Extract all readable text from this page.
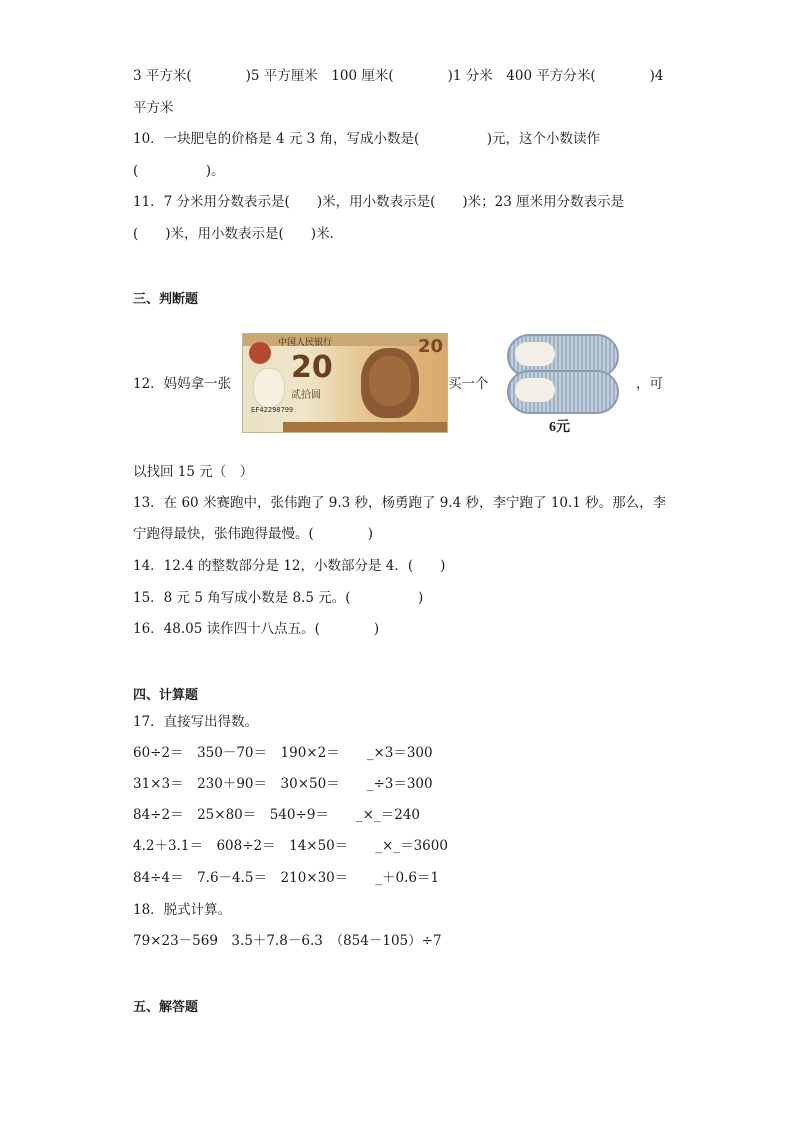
3 平方米(　　　　)5 平方厘米　100 厘米(　　　　)1 分米　400 平方分米(　　　　)4
平方米
10．一块肥皂的价格是 4 元 3 角，写成小数是(　　　　　)元，这个小数读作
(　　　　　)。
11．7 分米用分数表示是(　　)米，用小数表示是(　　)米；23 厘米用分数表示是
(　　)米，用小数表示是(　　)米．
三、判断题
12．妈妈拿一张
中国人民银行
20
20
贰拾圆
EF42298799
买一个
6元
，可
以找回 15 元（　）
13．在 60 米赛跑中，张伟跑了 9.3 秒，杨勇跑了 9.4 秒，李宁跑了 10.1 秒。那么，李
宁跑得最快，张伟跑得最慢。(　　　　)
14．12.4 的整数部分是 12，小数部分是 4．(　　)
15．8 元 5 角写成小数是 8.5 元。(　　　　　)
16．48.05 读作四十八点五。(　　　　)
四、计算题
17．直接写出得数。
60÷2＝　350－70＝　190×2＝　　_×3＝300
31×3＝　230＋90＝　30×50＝　　_÷3＝300
84÷2＝　25×80＝　540÷9＝　　_×_＝240
4.2＋3.1＝　608÷2＝　14×50＝　　_×_＝3600
84÷4＝　7.6－4.5＝　210×30＝　　_＋0.6＝1
18．脱式计算。
79×23－569　3.5＋7.8－6.3　（854－105）÷7
五、解答题
